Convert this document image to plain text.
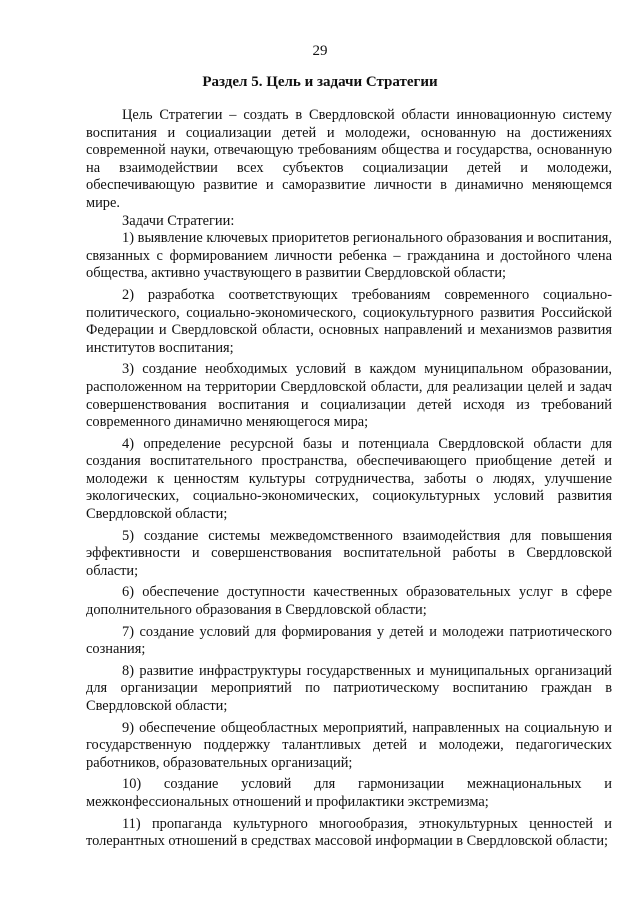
29
Раздел 5. Цель и задачи Стратегии

Цель Стратегии – создать в Свердловской области инновационную систему воспитания и социализации детей и молодежи, основанную на достижениях современной науки, отвечающую требованиям общества и государства, основанную на взаимодействии всех субъектов социализации детей и молодежи, обеспечивающую развитие и саморазвитие личности в динамично меняющемся мире.

Задачи Стратегии:

1) выявление ключевых приоритетов регионального образования и воспитания, связанных с формированием личности ребенка – гражданина и достойного члена общества, активно участвующего в развитии Свердловской области;

2) разработка соответствующих требованиям современного социально-политического, социально-экономического, социокультурного развития Российской Федерации и Свердловской области, основных направлений и механизмов развития институтов воспитания;

3) создание необходимых условий в каждом муниципальном образовании, расположенном на территории Свердловской области, для реализации целей и задач совершенствования воспитания и социализации детей исходя из требований современного динамично меняющегося мира;

4) определение ресурсной базы и потенциала Свердловской области для создания воспитательного пространства, обеспечивающего приобщение детей и молодежи к ценностям культуры сотрудничества, заботы о людях, улучшение экологических, социально-экономических, социокультурных условий развития Свердловской области;

5) создание системы межведомственного взаимодействия для повышения эффективности и совершенствования воспитательной работы в Свердловской области;

6) обеспечение доступности качественных образовательных услуг в сфере дополнительного образования в Свердловской области;

7) создание условий для формирования у детей и молодежи патриотического сознания;

8) развитие инфраструктуры государственных и муниципальных организаций для организации мероприятий по патриотическому воспитанию граждан в Свердловской области;

9) обеспечение общеобластных мероприятий, направленных на социальную и государственную поддержку талантливых детей и молодежи, педагогических работников, образовательных организаций;

10) создание условий для гармонизации межнациональных и межконфессиональных отношений и профилактики экстремизма;

11) пропаганда культурного многообразия, этнокультурных ценностей и толерантных отношений в средствах массовой информации в Свердловской области;
